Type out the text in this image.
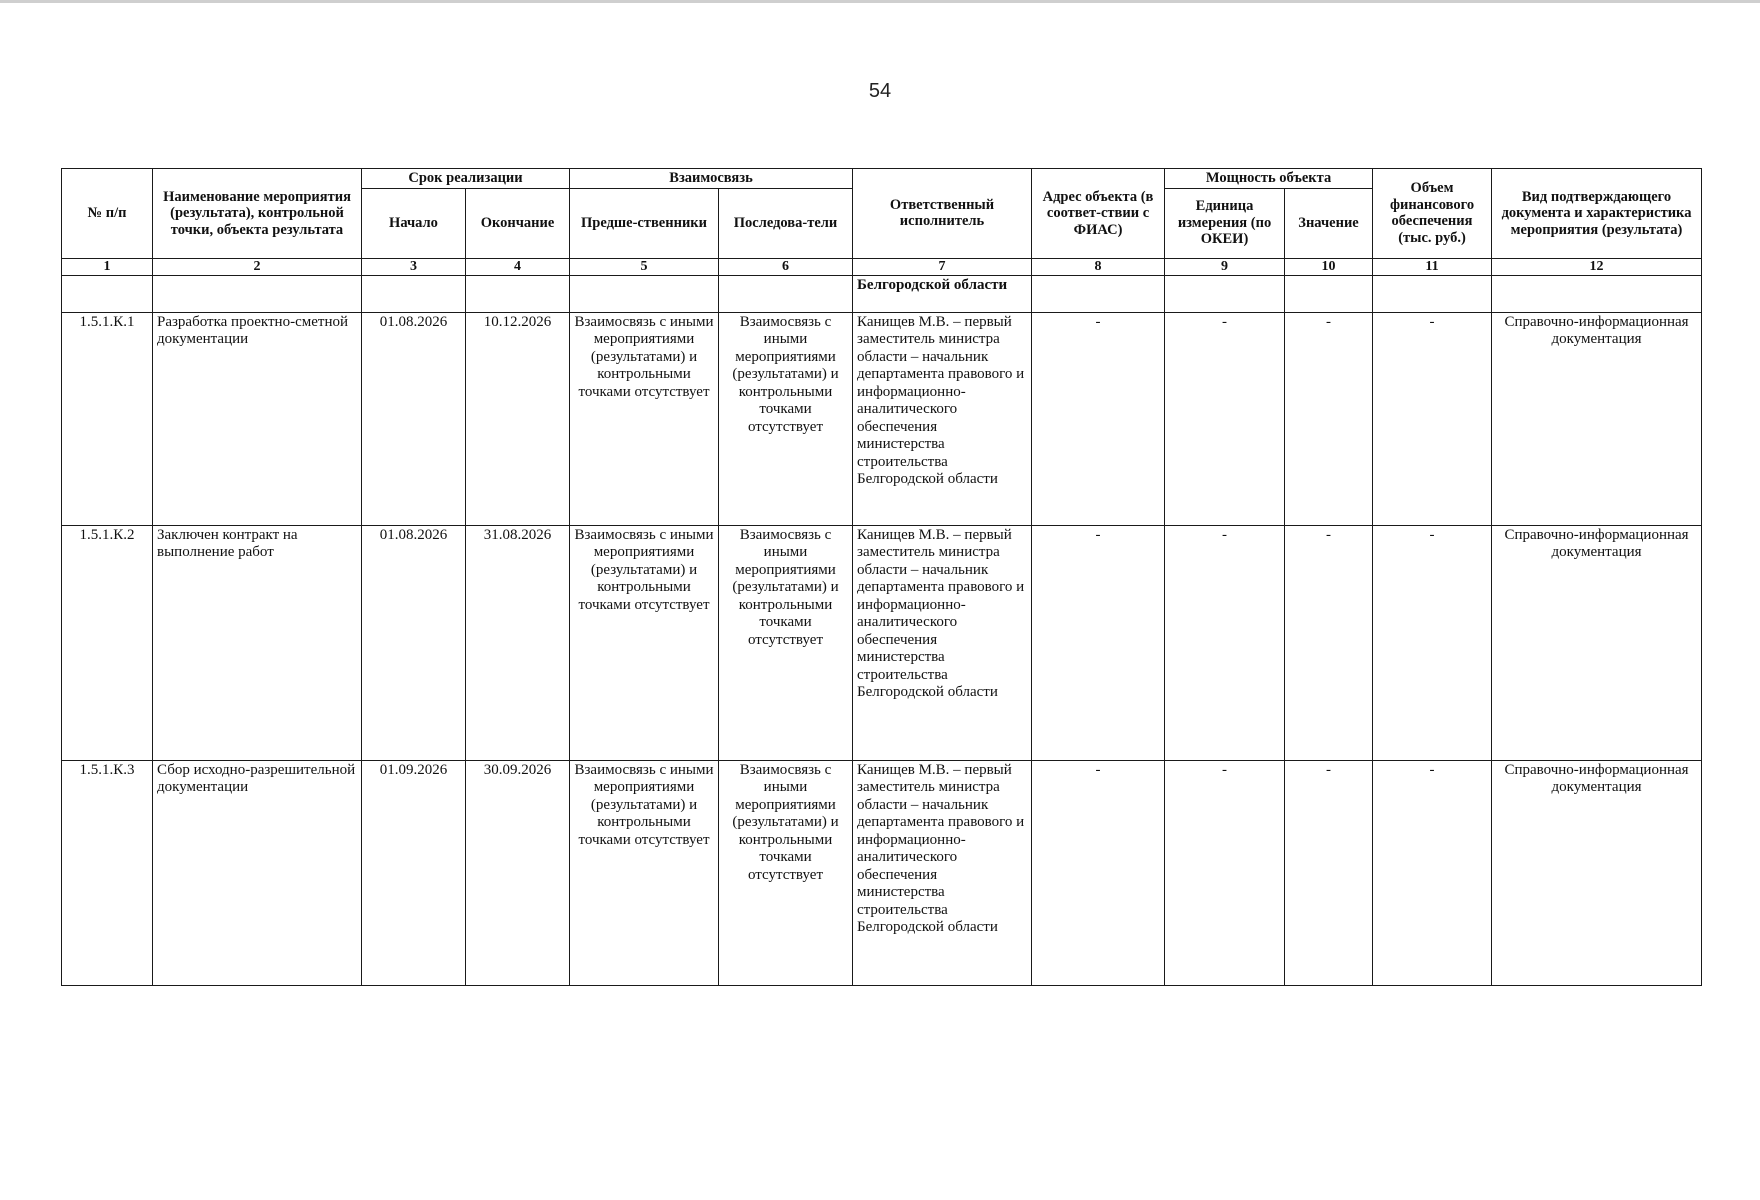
54
№ п/п	Наименование мероприятия (результата), контрольной точки, объекта результата	Срок реализации		Взаимосвязь		Ответственный исполнитель	Адрес объекта (в соответ-ствии с ФИАС)	Мощность объекта		Объем финансового обеспечения (тыс. руб.)	Вид подтверждающего документа и характеристика мероприятия (результата)
		Начало	Окончание	Предше-ственники	Последова-тели			Единица измерения (по ОКЕИ)	Значение		
1	2	3	4	5	6	7	8	9	10	11	12
						Белгородской области					
1.5.1.К.1	Разработка проектно-сметной документации	01.08.2026	10.12.2026	Взаимосвязь с иными мероприятиями (результатами) и контрольными точками отсутствует	Взаимосвязь с иными мероприятиями (результатами) и контрольными точками отсутствует	Канищев М.В. – первый заместитель министра области – начальник департамента правового и информационно-аналитического обеспечения министерства строительства Белгородской области	-	-	-	-	Справочно-информационная документация
1.5.1.К.2	Заключен контракт на выполнение работ	01.08.2026	31.08.2026	Взаимосвязь с иными мероприятиями (результатами) и контрольными точками отсутствует	Взаимосвязь с иными мероприятиями (результатами) и контрольными точками отсутствует	Канищев М.В. – первый заместитель министра области – начальник департамента правового и информационно-аналитического обеспечения министерства строительства Белгородской области	-	-	-	-	Справочно-информационная документация
1.5.1.К.3	Сбор исходно-разрешительной документации	01.09.2026	30.09.2026	Взаимосвязь с иными мероприятиями (результатами) и контрольными точками отсутствует	Взаимосвязь с иными мероприятиями (результатами) и контрольными точками отсутствует	Канищев М.В. – первый заместитель министра области – начальник департамента правового и информационно-аналитического обеспечения министерства строительства Белгородской области	-	-	-	-	Справочно-информационная документация
